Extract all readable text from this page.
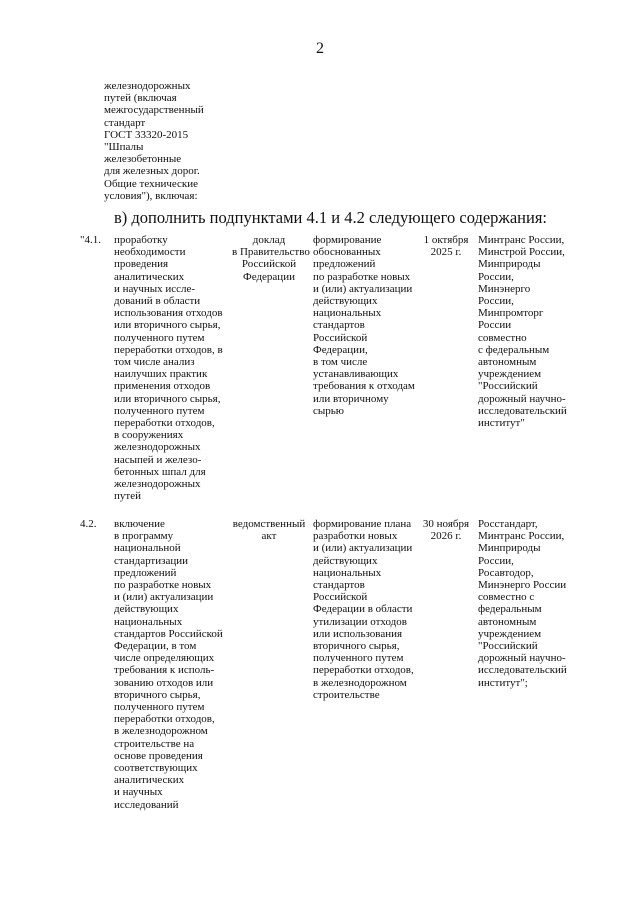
2
железнодорожных
путей (включая
межгосударственный
стандарт
ГОСТ 33320-2015
"Шпалы
железобетонные
для железных дорог.
Общие технические
условия"), включая:
в) дополнить подпунктами 4.1 и 4.2 следующего содержания:
"4.1.	проработку
необходимости
проведения
аналитических
и научных иссле-
дований в области
использования отходов
или вторичного сырья,
полученного путем
переработки отходов, в
том числе анализ
наилучших практик
применения отходов
или вторичного сырья,
полученного путем
переработки отходов,
в сооружениях
железнодорожных
насыпей и железо-
бетонных шпал для
железнодорожных
путей
доклад
в Правительство
Российской
Федерации
формирование
обоснованных
предложений
по разработке новых
и (или) актуализации
действующих
национальных
стандартов
Российской
Федерации,
в том числе
устанавливающих
требования к отходам
или вторичному
сырью
1 октября
2025 г.
Минтранс России,
Минстрой России,
Минприроды
России,
Минэнерго
России,
Минпромторг
России
совместно
с федеральным
автономным
учреждением
"Российский
дорожный научно-
исследовательский
институт"
4.2.	включение
в программу
национальной
стандартизации
предложений
по разработке новых
и (или) актуализации
действующих
национальных
стандартов Российской
Федерации, в том
числе определяющих
требования к исполь-
зованию отходов или
вторичного сырья,
полученного путем
переработки отходов,
в железнодорожном
строительстве на
основе проведения
соответствующих
аналитических
и научных
исследований
ведомственный
акт
формирование плана
разработки новых
и (или) актуализации
действующих
национальных
стандартов
Российской
Федерации в области
утилизации отходов
или использования
вторичного сырья,
полученного путем
переработки отходов,
в железнодорожном
строительстве
30 ноября
2026 г.
Росстандарт,
Минтранс России,
Минприроды
России,
Росавтодор,
Минэнерго России
совместно с
федеральным
автономным
учреждением
"Российский
дорожный научно-
исследовательский
институт";
